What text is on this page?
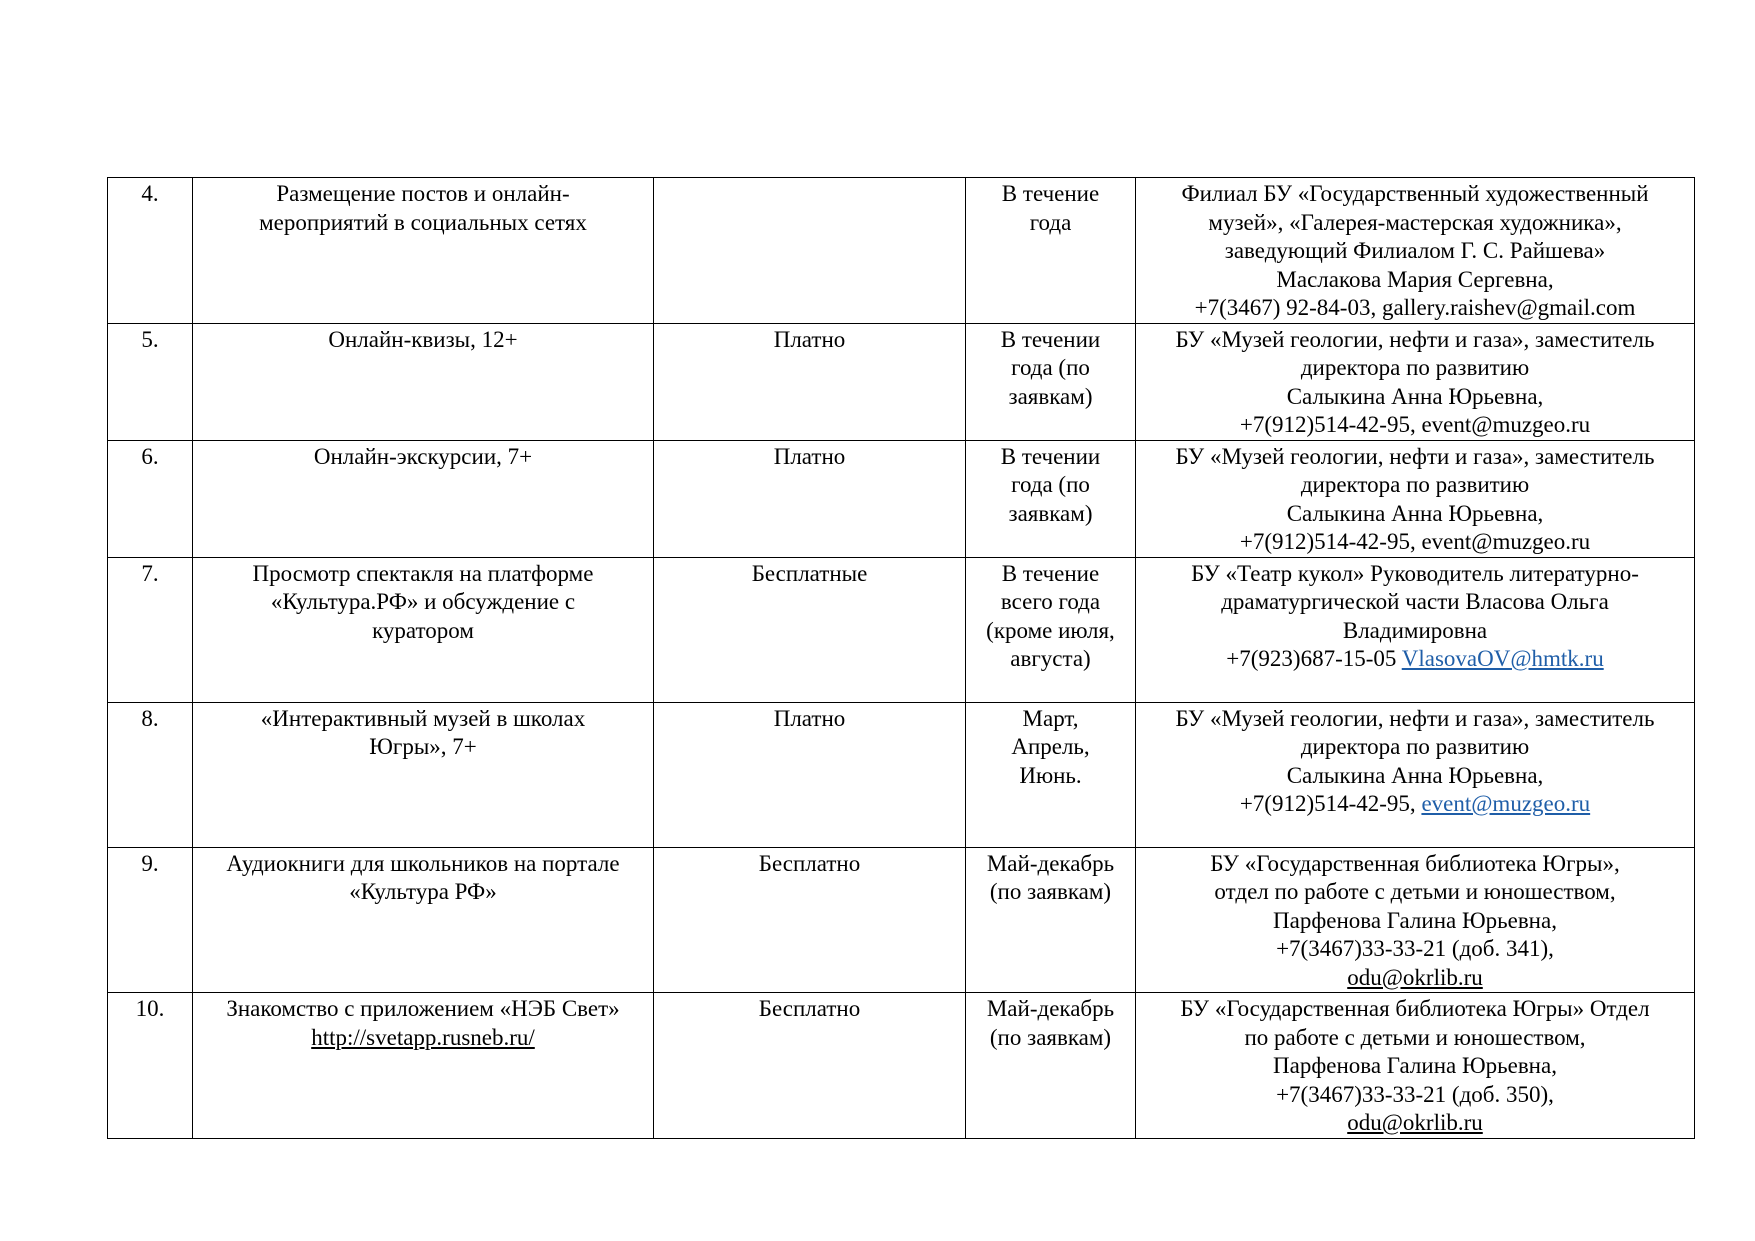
4.	Размещение постов и онлайн-
мероприятий в социальных сетях		В течение
года	Филиал БУ «Государственный художественный
музей», «Галерея-мастерская художника»,
заведующий Филиалом Г. С. Райшева»
Маслакова Мария Сергевна,
+7(3467) 92-84-03, gallery.raishev@gmail.com

5.	Онлайн-квизы, 12+	Платно	В течении
года (по
заявкам)	БУ «Музей геологии, нефти и газа», заместитель
директора по развитию
Салыкина Анна Юрьевна,
+7(912)514-42-95, event@muzgeo.ru

6.	Онлайн-экскурсии, 7+	Платно	В течении
года (по
заявкам)	БУ «Музей геологии, нефти и газа», заместитель
директора по развитию
Салыкина Анна Юрьевна,
+7(912)514-42-95, event@muzgeo.ru

7.	Просмотр спектакля на платформе
«Культура.РФ» и обсуждение с
куратором	Бесплатные	В течение
всего года
(кроме июля,
августа)	БУ «Театр кукол» Руководитель литературно-
драматургической части Власова Ольга
Владимировна
+7(923)687-15-05 VlasovaOV@hmtk.ru

8.	«Интерактивный музей в школах
Югры», 7+	Платно	Март,
Апрель,
Июнь.	БУ «Музей геологии, нефти и газа», заместитель
директора по развитию
Салыкина Анна Юрьевна,
+7(912)514-42-95, event@muzgeo.ru

9.	Аудиокниги для школьников на портале
«Культура РФ»	Бесплатно	Май-декабрь
(по заявкам)	БУ «Государственная библиотека Югры»,
отдел по работе с детьми и юношеством,
Парфенова Галина Юрьевна,
+7(3467)33-33-21 (доб. 341),
odu@okrlib.ru

10.	Знакомство с приложением «НЭБ Свет»
http://svetapp.rusneb.ru/	Бесплатно	Май-декабрь
(по заявкам)	БУ «Государственная библиотека Югры» Отдел
по работе с детьми и юношеством,
Парфенова Галина Юрьевна,
+7(3467)33-33-21 (доб. 350),
odu@okrlib.ru
